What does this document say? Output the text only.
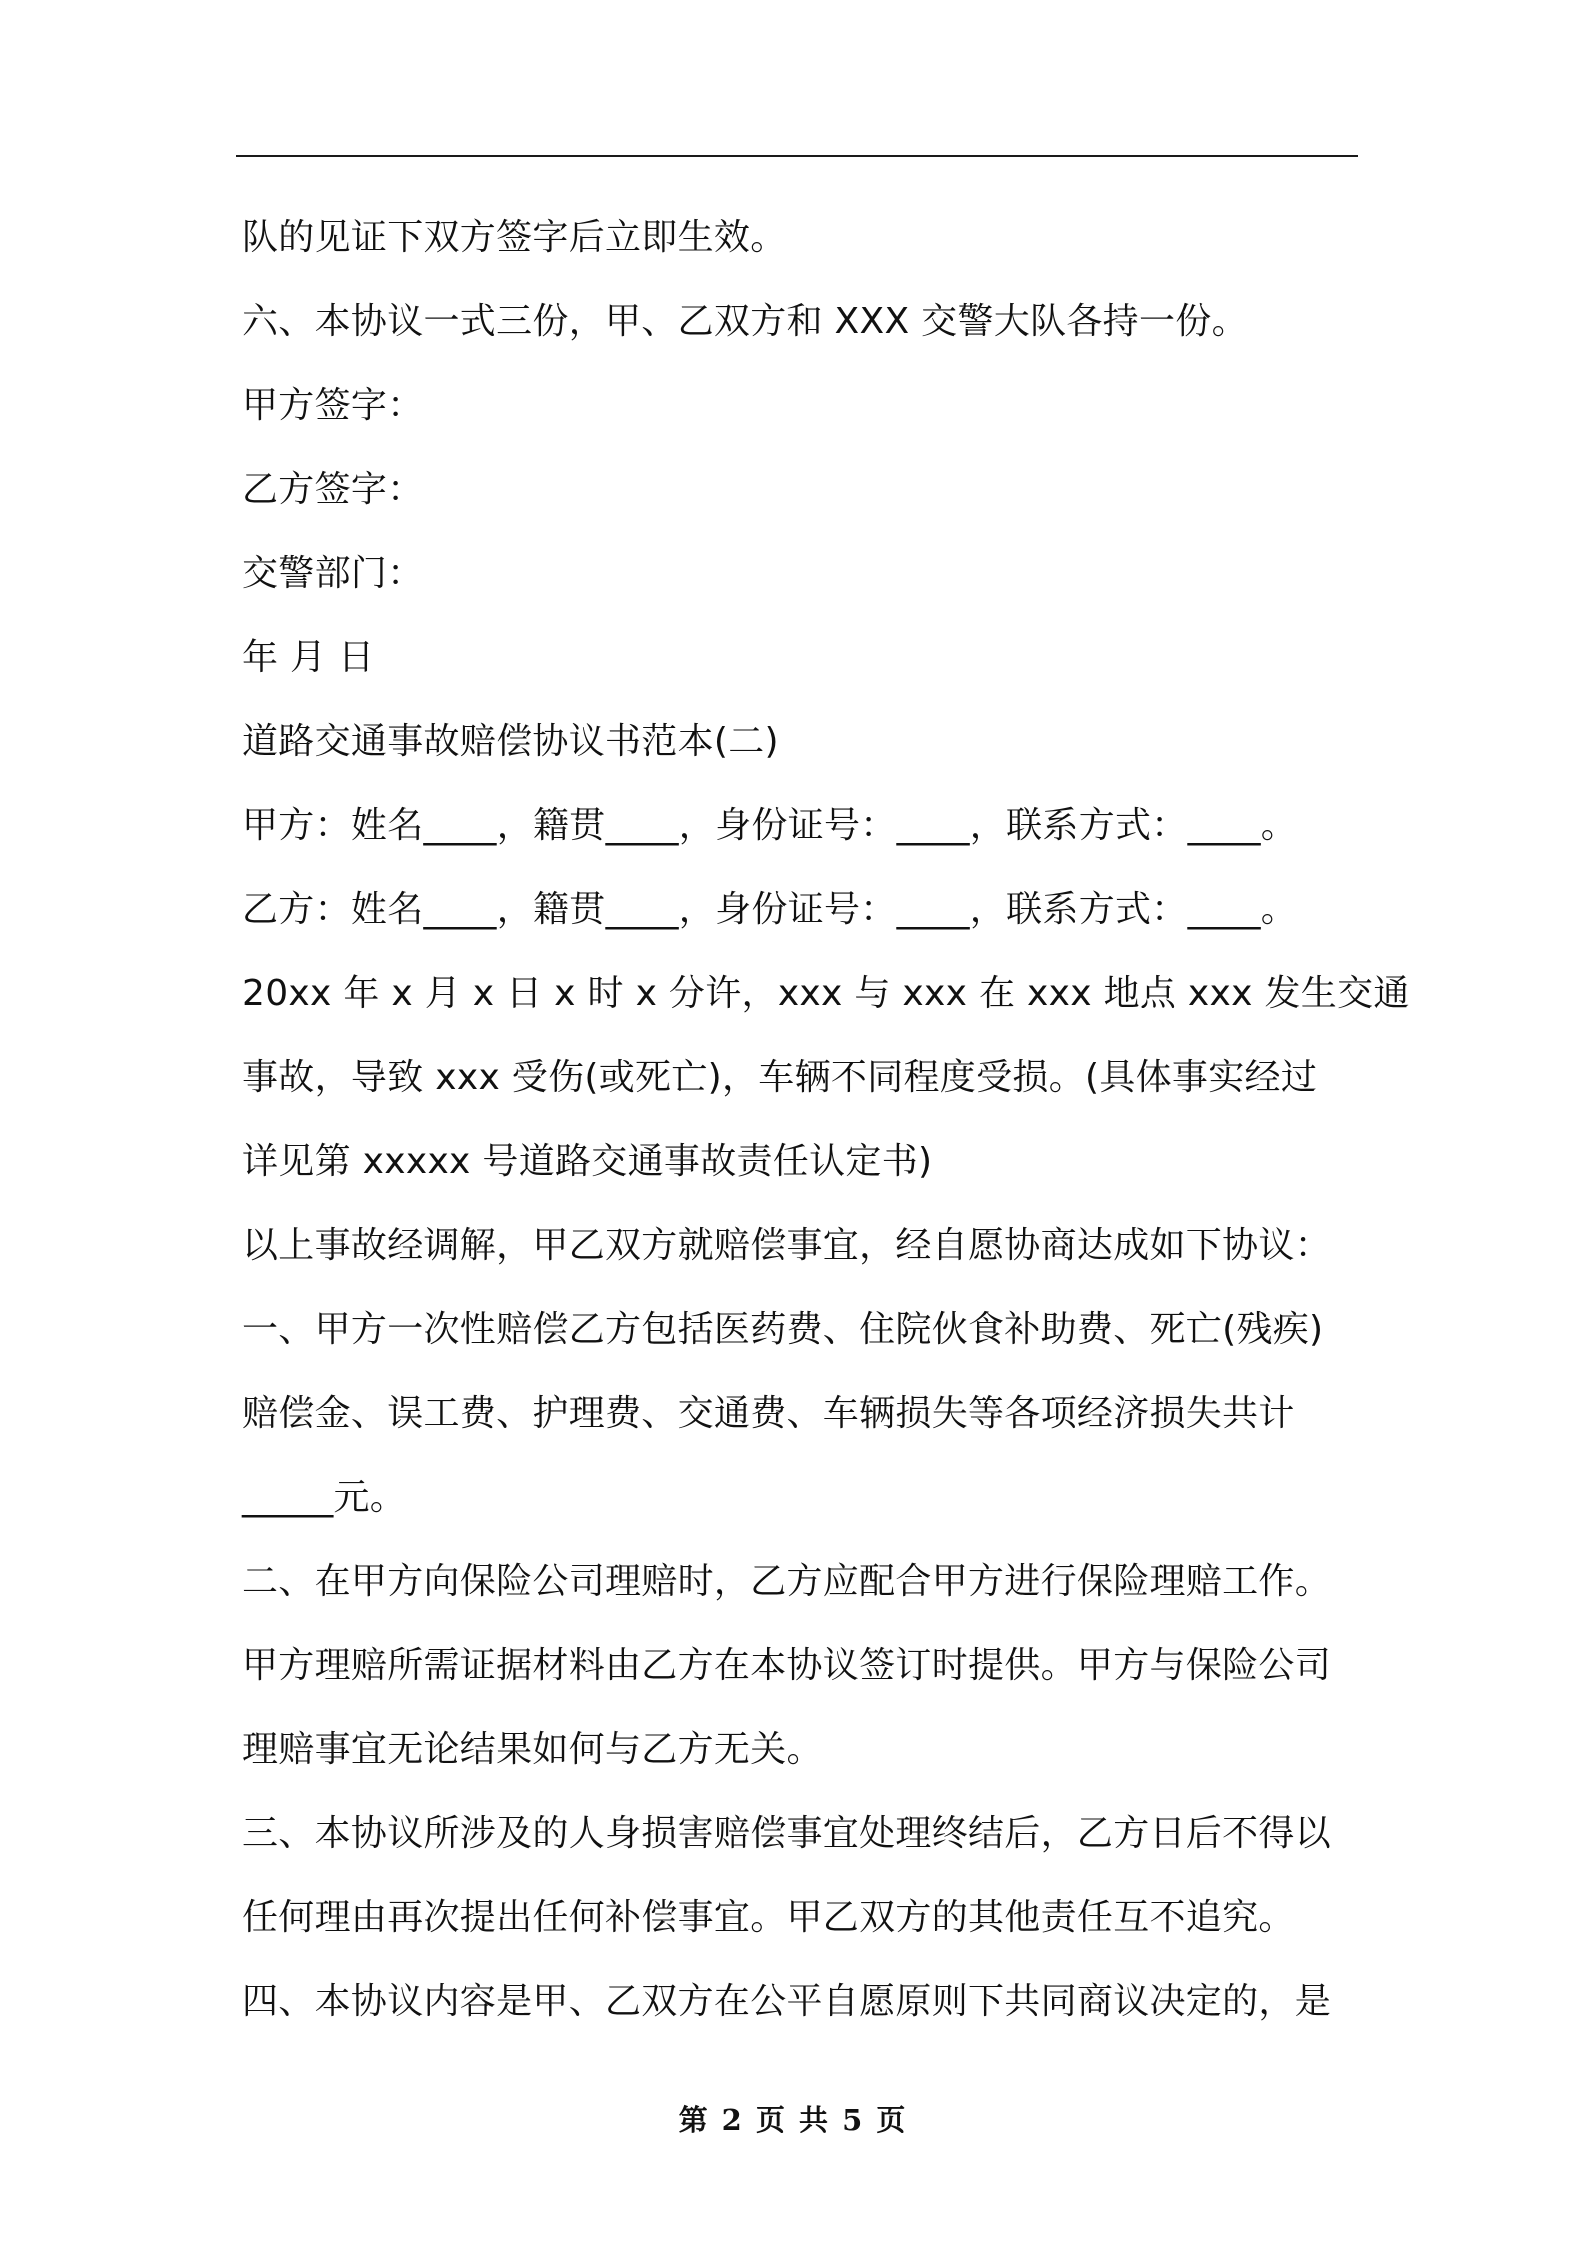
队的见证下双方签字后立即生效。
六、本协议一式三份，甲、乙双方和 XXX 交警大队各持一份。
甲方签字：
乙方签字：
交警部门：
年 月 日
道路交通事故赔偿协议书范本(二)
甲方：姓名____，籍贯____，身份证号：____，联系方式：____。
乙方：姓名____，籍贯____，身份证号：____，联系方式：____。
20xx 年 x 月 x 日 x 时 x 分许，xxx 与 xxx 在 xxx 地点 xxx 发生交通
事故，导致 xxx 受伤(或死亡)，车辆不同程度受损。(具体事实经过
详见第 xxxxx 号道路交通事故责任认定书)
以上事故经调解，甲乙双方就赔偿事宜，经自愿协商达成如下协议：
一、甲方一次性赔偿乙方包括医药费、住院伙食补助费、死亡(残疾)
赔偿金、误工费、护理费、交通费、车辆损失等各项经济损失共计
_____元。
二、在甲方向保险公司理赔时，乙方应配合甲方进行保险理赔工作。
甲方理赔所需证据材料由乙方在本协议签订时提供。甲方与保险公司
理赔事宜无论结果如何与乙方无关。
三、本协议所涉及的人身损害赔偿事宜处理终结后，乙方日后不得以
任何理由再次提出任何补偿事宜。甲乙双方的其他责任互不追究。
四、本协议内容是甲、乙双方在公平自愿原则下共同商议决定的，是
第 2 页 共 5 页
